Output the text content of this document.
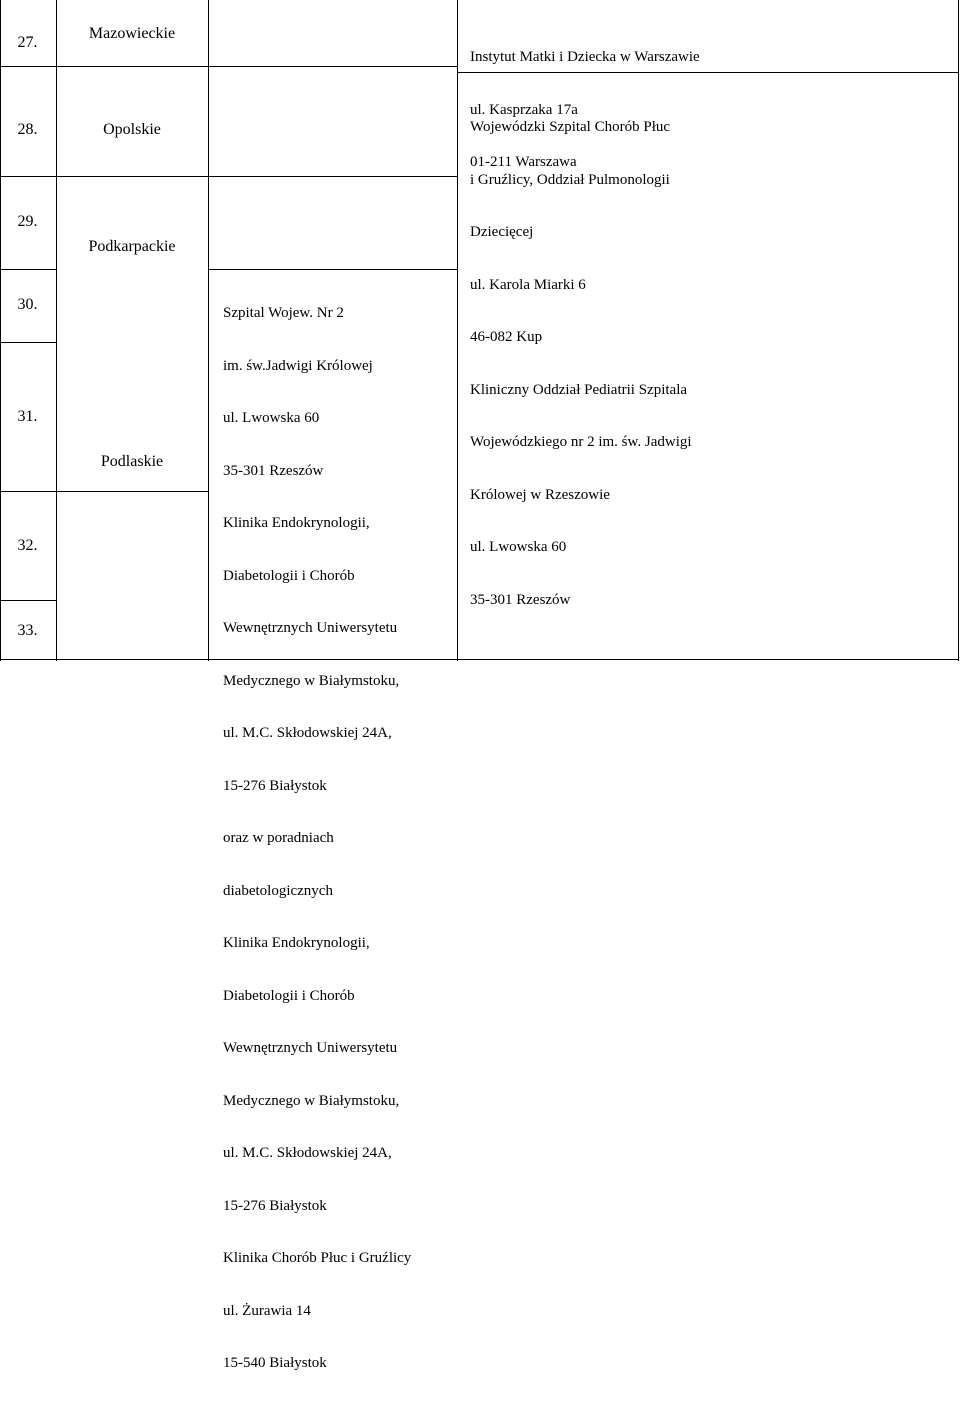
27.
28.
29.
30.
31.
32.
33.
Mazowieckie
Opolskie
Podkarpackie
Podlaskie

Szpital Wojew. Nr 2

im. św.Jadwigi Królowej

ul. Lwowska 60

35-301 Rzeszów

Klinika Endokrynologii,

Diabetologii i Chorób

Wewnętrznych Uniwersytetu

Medycznego w Białymstoku,

ul. M.C. Skłodowskiej 24A,

15-276 Białystok

oraz w poradniach

diabetologicznych

Klinika Endokrynologii,

Diabetologii i Chorób

Wewnętrznych Uniwersytetu

Medycznego w Białymstoku,

ul. M.C. Skłodowskiej 24A,

15-276 Białystok

Klinika Chorób Płuc i Gruźlicy

ul. Żurawia 14

15-540 Białystok

Instytut Matki i Dziecka w Warszawie

ul. Kasprzaka 17a

01-211 Warszawa

Wojewódzki Szpital Chorób Płuc

i Gruźlicy, Oddział Pulmonologii

Dziecięcej

ul. Karola Miarki 6

46-082 Kup

Kliniczny Oddział Pediatrii Szpitala

Wojewódzkiego nr 2 im. św. Jadwigi

Królowej w Rzeszowie

ul. Lwowska 60

35-301 Rzeszów
